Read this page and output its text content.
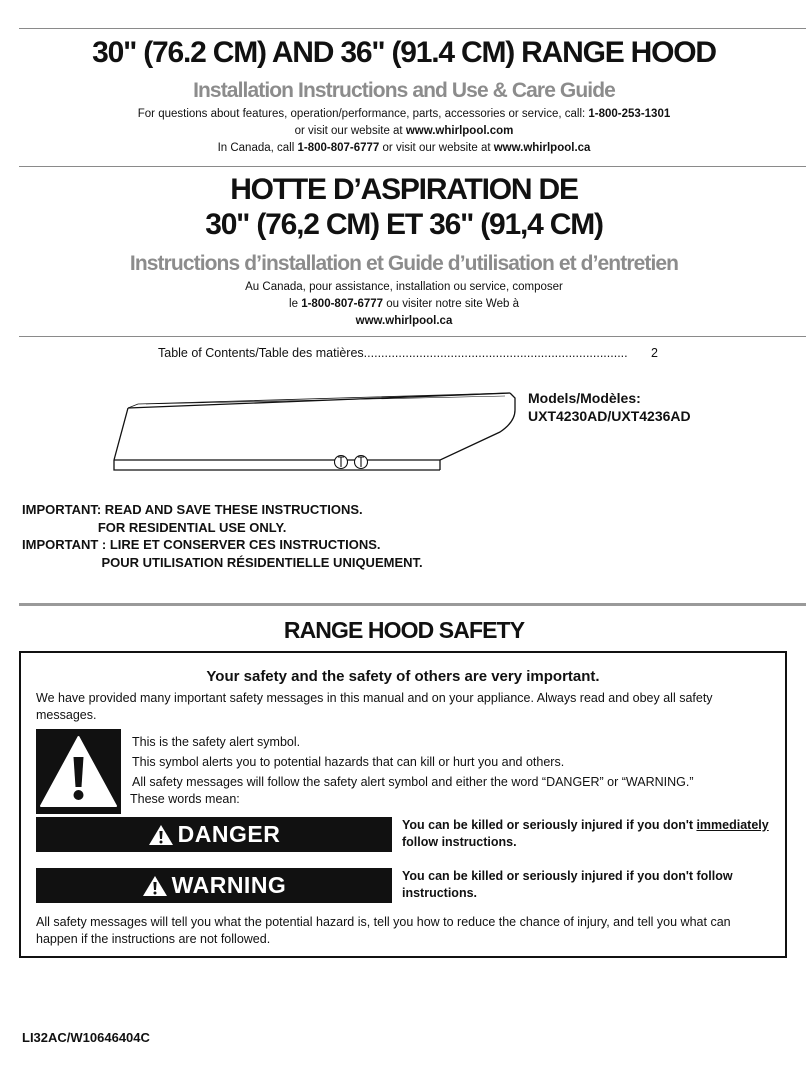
30" (76.2 CM) AND 36" (91.4 CM) RANGE HOOD
Installation Instructions and Use & Care Guide
For questions about features, operation/performance, parts, accessories or service, call: 1-800-253-1301
or visit our website at www.whirlpool.com
In Canada, call 1-800-807-6777 or visit our website at www.whirlpool.ca
HOTTE D’ASPIRATION DE
30" (76,2 CM) ET 36" (91,4 CM)
Instructions d’installation et Guide d’utilisation et d’entretien
Au Canada, pour assistance, installation ou service, composer
le 1-800-807-6777 ou visiter notre site Web à
www.whirlpool.ca
Table of Contents/Table des matières ............................................................................	2
Models/Modèles:
UXT4230AD/UXT4236AD
IMPORTANT: READ AND SAVE THESE INSTRUCTIONS.
FOR RESIDENTIAL USE ONLY.
IMPORTANT : LIRE ET CONSERVER CES INSTRUCTIONS.
POUR UTILISATION RÉSIDENTIELLE UNIQUEMENT.
RANGE HOOD SAFETY
Your safety and the safety of others are very important.
We have provided many important safety messages in this manual and on your appliance. Always read and obey all safety messages.
This is the safety alert symbol.
This symbol alerts you to potential hazards that can kill or hurt you and others.
All safety messages will follow the safety alert symbol and either the word “DANGER” or “WARNING.”
These words mean:
DANGER	You can be killed or seriously injured if you don't immediately
follow instructions.
WARNING	You can be killed or seriously injured if you don't follow instructions.
All safety messages will tell you what the potential hazard is, tell you how to reduce the chance of injury, and tell you what can happen if the instructions are not followed.
LI32AC/W10646404C
